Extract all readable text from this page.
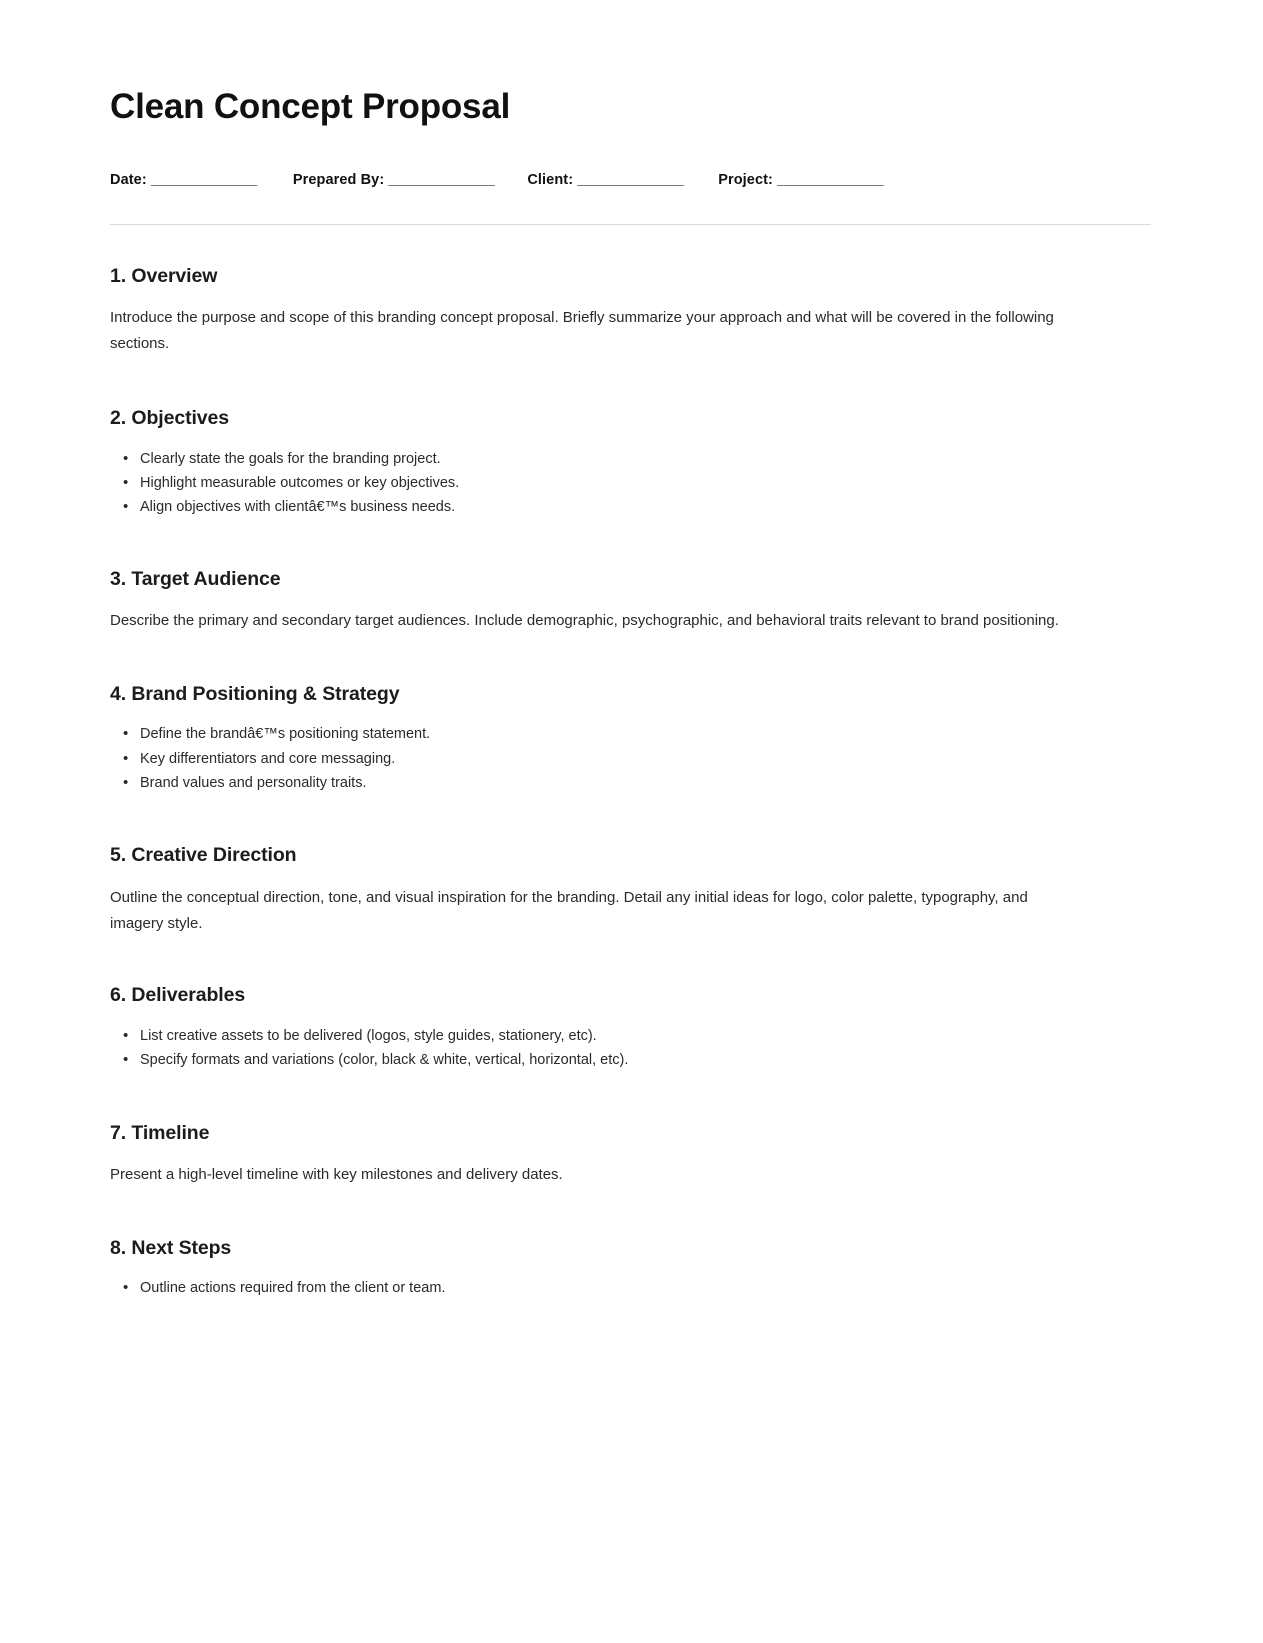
Clean Concept Proposal
Date: ______________ Prepared By: ______________ Client: ______________ Project: ______________
1. Overview

Introduce the purpose and scope of this branding concept proposal. Briefly summarize your approach and what will be covered in the following sections.

2. Objectives
• Clearly state the goals for the branding project.
• Highlight measurable outcomes or key objectives.
• Align objectives with clientâ€™s business needs.
3. Target Audience

Describe the primary and secondary target audiences. Include demographic, psychographic, and behavioral traits relevant to brand positioning.

4. Brand Positioning & Strategy
• Define the brandâ€™s positioning statement.
• Key differentiators and core messaging.
• Brand values and personality traits.
5. Creative Direction

Outline the conceptual direction, tone, and visual inspiration for the branding. Detail any initial ideas for logo, color palette, typography, and imagery style.

6. Deliverables
• List creative assets to be delivered (logos, style guides, stationery, etc).
• Specify formats and variations (color, black & white, vertical, horizontal, etc).
7. Timeline

Present a high-level timeline with key milestones and delivery dates.

8. Next Steps
• Outline actions required from the client or team.
